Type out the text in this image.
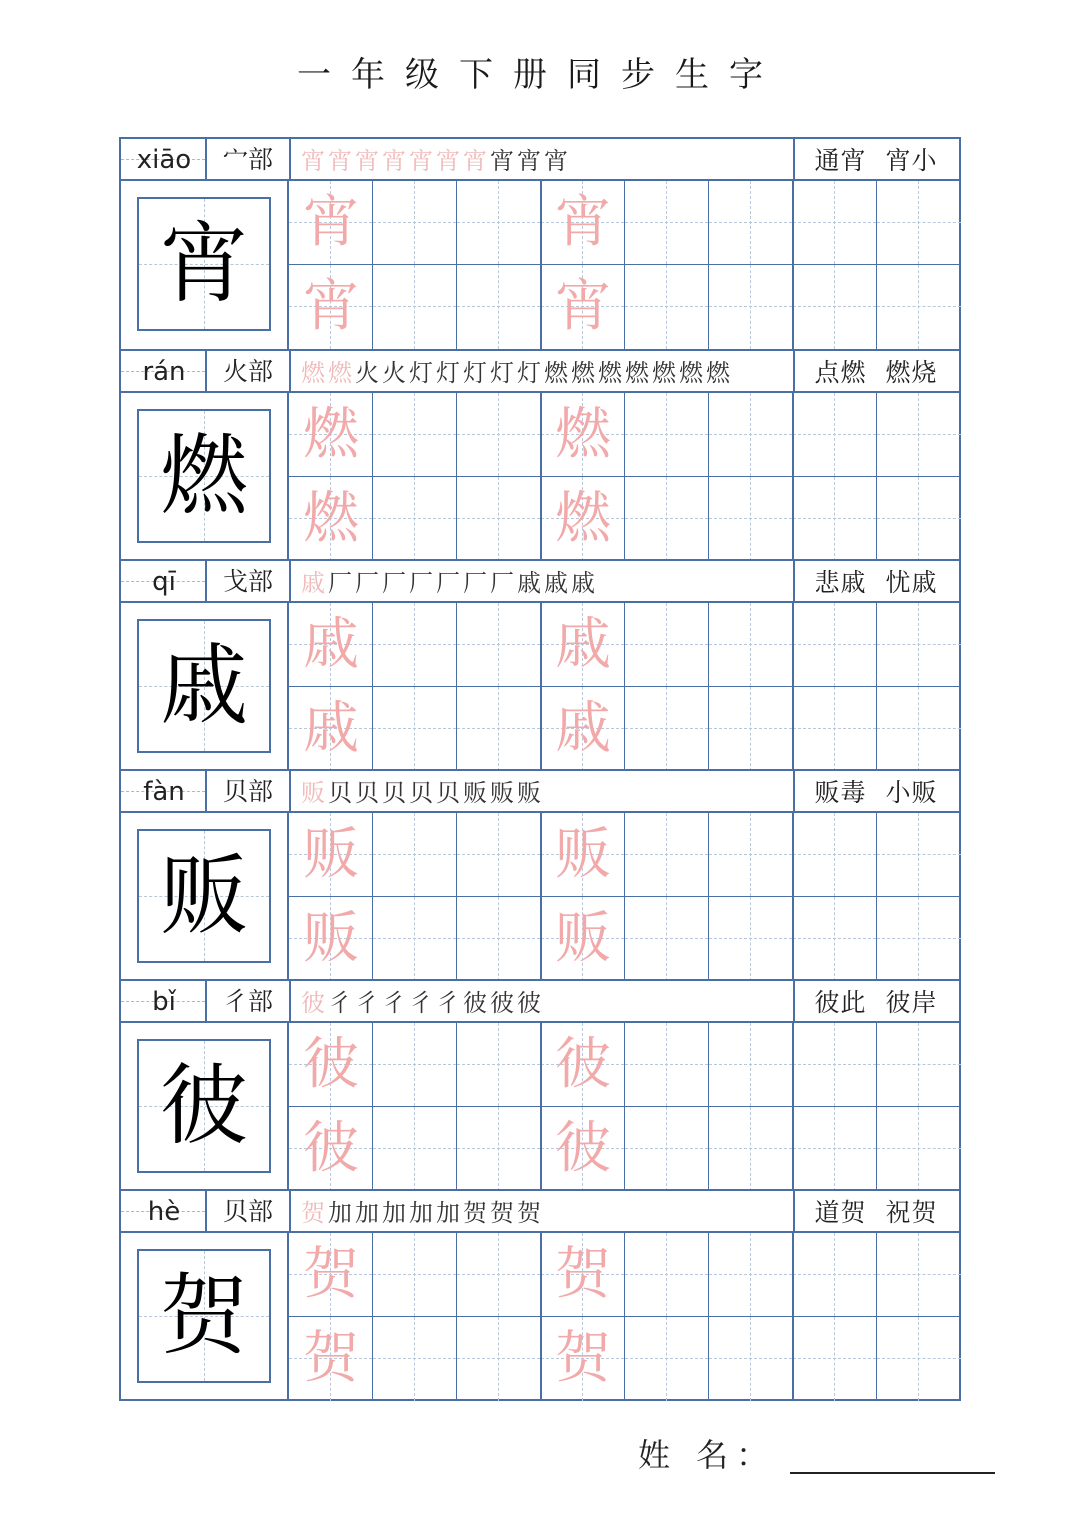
一年级下册同步生字
xiāo	宀部	宵 宵 宵 宵 宵 宵 宵 宵 宵 宵	通宵 宵小
宵 宵	宵
宵	宵
rán	火部	燃 燃 火 火 灯 灯 灯 灯 灯 燃 燃 燃 燃 燃 燃 燃	点燃 燃烧
燃 燃	燃
燃	燃
qī	戈部	戚 厂 厂 厂 厂 厂 厂 厂 戚 戚 戚	悲戚 忧戚
戚 戚	戚
戚	戚
fàn	贝部	贩 贝 贝 贝 贝 贝 贩 贩 贩	贩毒 小贩
贩 贩	贩
贩	贩
bǐ	彳部	彼 彳 彳 彳 彳 彳 彼 彼 彼	彼此 彼岸
彼 彼	彼
彼	彼
hè	贝部	贺 加 加 加 加 加 贺 贺 贺	道贺 祝贺
贺 贺	贺
贺	贺
姓 名：
